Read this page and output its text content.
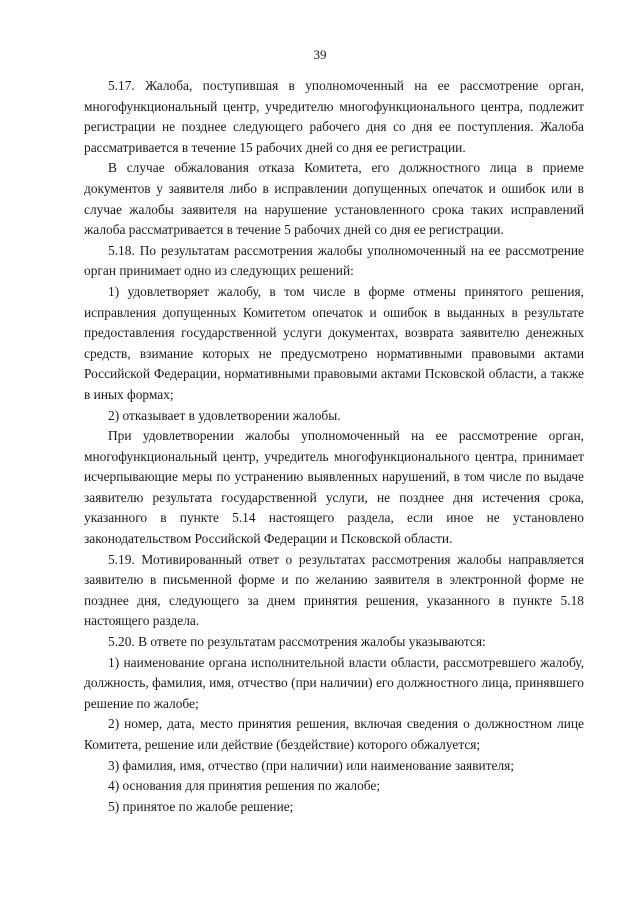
39

5.17. Жалоба, поступившая в уполномоченный на ее рассмотрение орган, многофункциональный центр, учредителю многофункционального центра, подлежит регистрации не позднее следующего рабочего дня со дня ее поступления. Жалоба рассматривается в течение 15 рабочих дней со дня ее регистрации.

В случае обжалования отказа Комитета, его должностного лица в приеме документов у заявителя либо в исправлении допущенных опечаток и ошибок или в случае жалобы заявителя на нарушение установленного срока таких исправлений жалоба рассматривается в течение 5 рабочих дней со дня ее регистрации.

5.18. По результатам рассмотрения жалобы уполномоченный на ее рассмотрение орган принимает одно из следующих решений:

1) удовлетворяет жалобу, в том числе в форме отмены принятого решения, исправления допущенных Комитетом опечаток и ошибок в выданных в результате предоставления государственной услуги документах, возврата заявителю денежных средств, взимание которых не предусмотрено нормативными правовыми актами Российской Федерации, нормативными правовыми актами Псковской области, а также в иных формах;

2) отказывает в удовлетворении жалобы.

При удовлетворении жалобы уполномоченный на ее рассмотрение орган, многофункциональный центр, учредитель многофункционального центра, принимает исчерпывающие меры по устранению выявленных нарушений, в том числе по выдаче заявителю результата государственной услуги, не позднее дня истечения срока, указанного в пункте 5.14 настоящего раздела, если иное не установлено законодательством Российской Федерации и Псковской области.

5.19. Мотивированный ответ о результатах рассмотрения жалобы направляется заявителю в письменной форме и по желанию заявителя в электронной форме не позднее дня, следующего за днем принятия решения, указанного в пункте 5.18 настоящего раздела.

5.20. В ответе по результатам рассмотрения жалобы указываются:

1) наименование органа исполнительной власти области, рассмотревшего жалобу, должность, фамилия, имя, отчество (при наличии) его должностного лица, принявшего решение по жалобе;

2) номер, дата, место принятия решения, включая сведения о должностном лице Комитета, решение или действие (бездействие) которого обжалуется;

3) фамилия, имя, отчество (при наличии) или наименование заявителя;

4) основания для принятия решения по жалобе;

5) принятое по жалобе решение;
